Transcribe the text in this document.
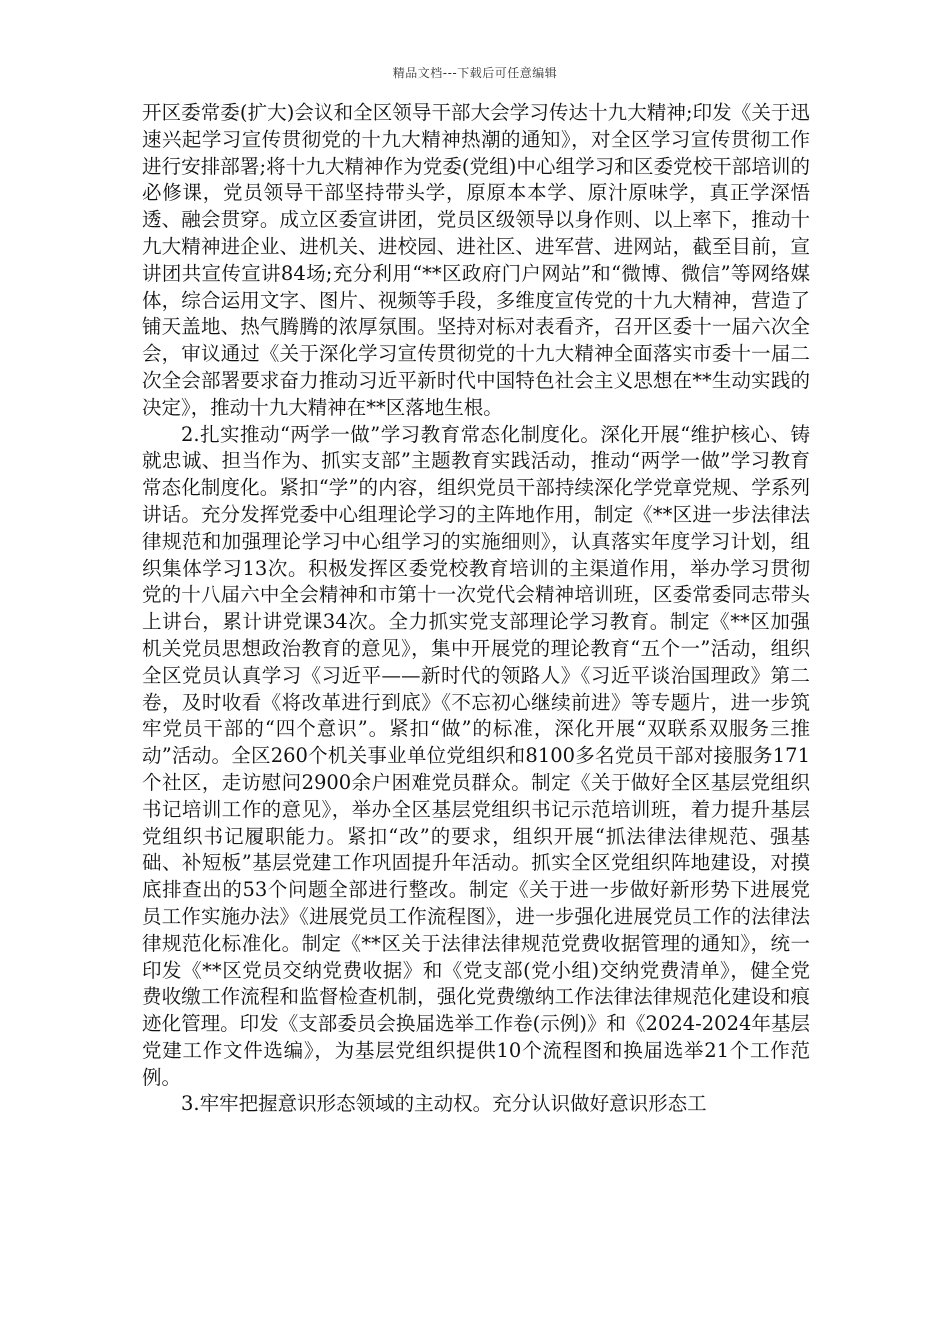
精品文档---下载后可任意编辑

开区委常委(扩大)会议和全区领导干部大会学习传达十九大精神;印发《关于迅速兴起学习宣传贯彻党的十九大精神热潮的通知》，对全区学习宣传贯彻工作进行安排部署;将十九大精神作为党委(党组)中心组学习和区委党校干部培训的必修课，党员领导干部坚持带头学，原原本本学、原汁原味学，真正学深悟透、融会贯穿。成立区委宣讲团，党员区级领导以身作则、以上率下，推动十九大精神进企业、进机关、进校园、进社区、进军营、进网站，截至目前，宣讲团共宣传宣讲84场;充分利用“**区政府门户网站”和“微博、微信”等网络媒体，综合运用文字、图片、视频等手段，多维度宣传党的十九大精神，营造了铺天盖地、热气腾腾的浓厚氛围。坚持对标对表看齐，召开区委十一届六次全会，审议通过《关于深化学习宣传贯彻党的十九大精神全面落实市委十一届二次全会部署要求奋力推动习近平新时代中国特色社会主义思想在**生动实践的决定》，推动十九大精神在**区落地生根。

2.扎实推动“两学一做”学习教育常态化制度化。深化开展“维护核心、铸就忠诚、担当作为、抓实支部”主题教育实践活动，推动“两学一做”学习教育常态化制度化。紧扣“学”的内容，组织党员干部持续深化学党章党规、学系列讲话。充分发挥党委中心组理论学习的主阵地作用，制定《**区进一步法律法律规范和加强理论学习中心组学习的实施细则》，认真落实年度学习计划，组织集体学习13次。积极发挥区委党校教育培训的主渠道作用，举办学习贯彻党的十八届六中全会精神和市第十一次党代会精神培训班，区委常委同志带头上讲台，累计讲党课34次。全力抓实党支部理论学习教育。制定《**区加强机关党员思想政治教育的意见》，集中开展党的理论教育“五个一”活动，组织全区党员认真学习《习近平——新时代的领路人》《习近平谈治国理政》第二卷，及时收看《将改革进行到底》《不忘初心继续前进》等专题片，进一步筑牢党员干部的“四个意识”。紧扣“做”的标准，深化开展“双联系双服务三推动”活动。全区260个机关事业单位党组织和8100多名党员干部对接服务171个社区，走访慰问2900余户困难党员群众。制定《关于做好全区基层党组织书记培训工作的意见》，举办全区基层党组织书记示范培训班，着力提升基层党组织书记履职能力。紧扣“改”的要求，组织开展“抓法律法律规范、强基础、补短板”基层党建工作巩固提升年活动。抓实全区党组织阵地建设，对摸底排查出的53个问题全部进行整改。制定《关于进一步做好新形势下进展党员工作实施办法》《进展党员工作流程图》，进一步强化进展党员工作的法律法律规范化标准化。制定《**区关于法律法律规范党费收据管理的通知》，统一印发《**区党员交纳党费收据》和《党支部(党小组)交纳党费清单》，健全党费收缴工作流程和监督检查机制，强化党费缴纳工作法律法律规范化建设和痕迹化管理。印发《支部委员会换届选举工作卷(示例)》和《2024-2024年基层党建工作文件选编》，为基层党组织提供10个流程图和换届选举21个工作范例。

3.牢牢把握意识形态领域的主动权。充分认识做好意识形态工
